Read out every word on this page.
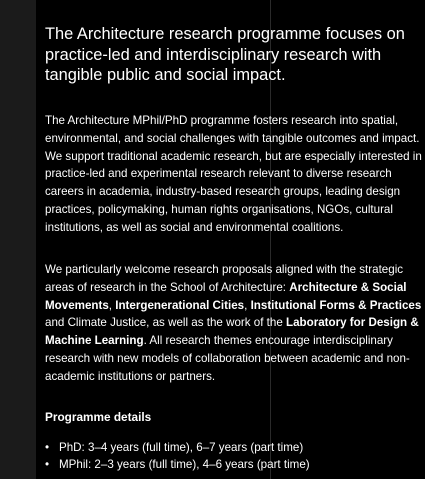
The Architecture research programme focuses on practice-led and interdisciplinary research with tangible public and social impact.

The Architecture MPhil/PhD programme fosters research into spatial, environmental, and social challenges with tangible outcomes and impact. We support traditional academic research, but are especially interested in practice-led and experimental research relevant to diverse research careers in academia, industry-based research groups, leading design practices, policymaking, human rights organisations, NGOs, cultural institutions, as well as social and environmental coalitions.

We particularly welcome research proposals aligned with the strategic areas of research in the School of Architecture: Architecture & Social Movements, Intergenerational Cities, Institutional Forms & Practices and Climate Justice, as well as the work of the Laboratory for Design & Machine Learning. All research themes encourage interdisciplinary research with new models of collaboration between academic and non-academic institutions or partners.

Programme details
• PhD: 3–4 years (full time), 6–7 years (part time)
• MPhil: 2–3 years (full time), 4–6 years (part time)
